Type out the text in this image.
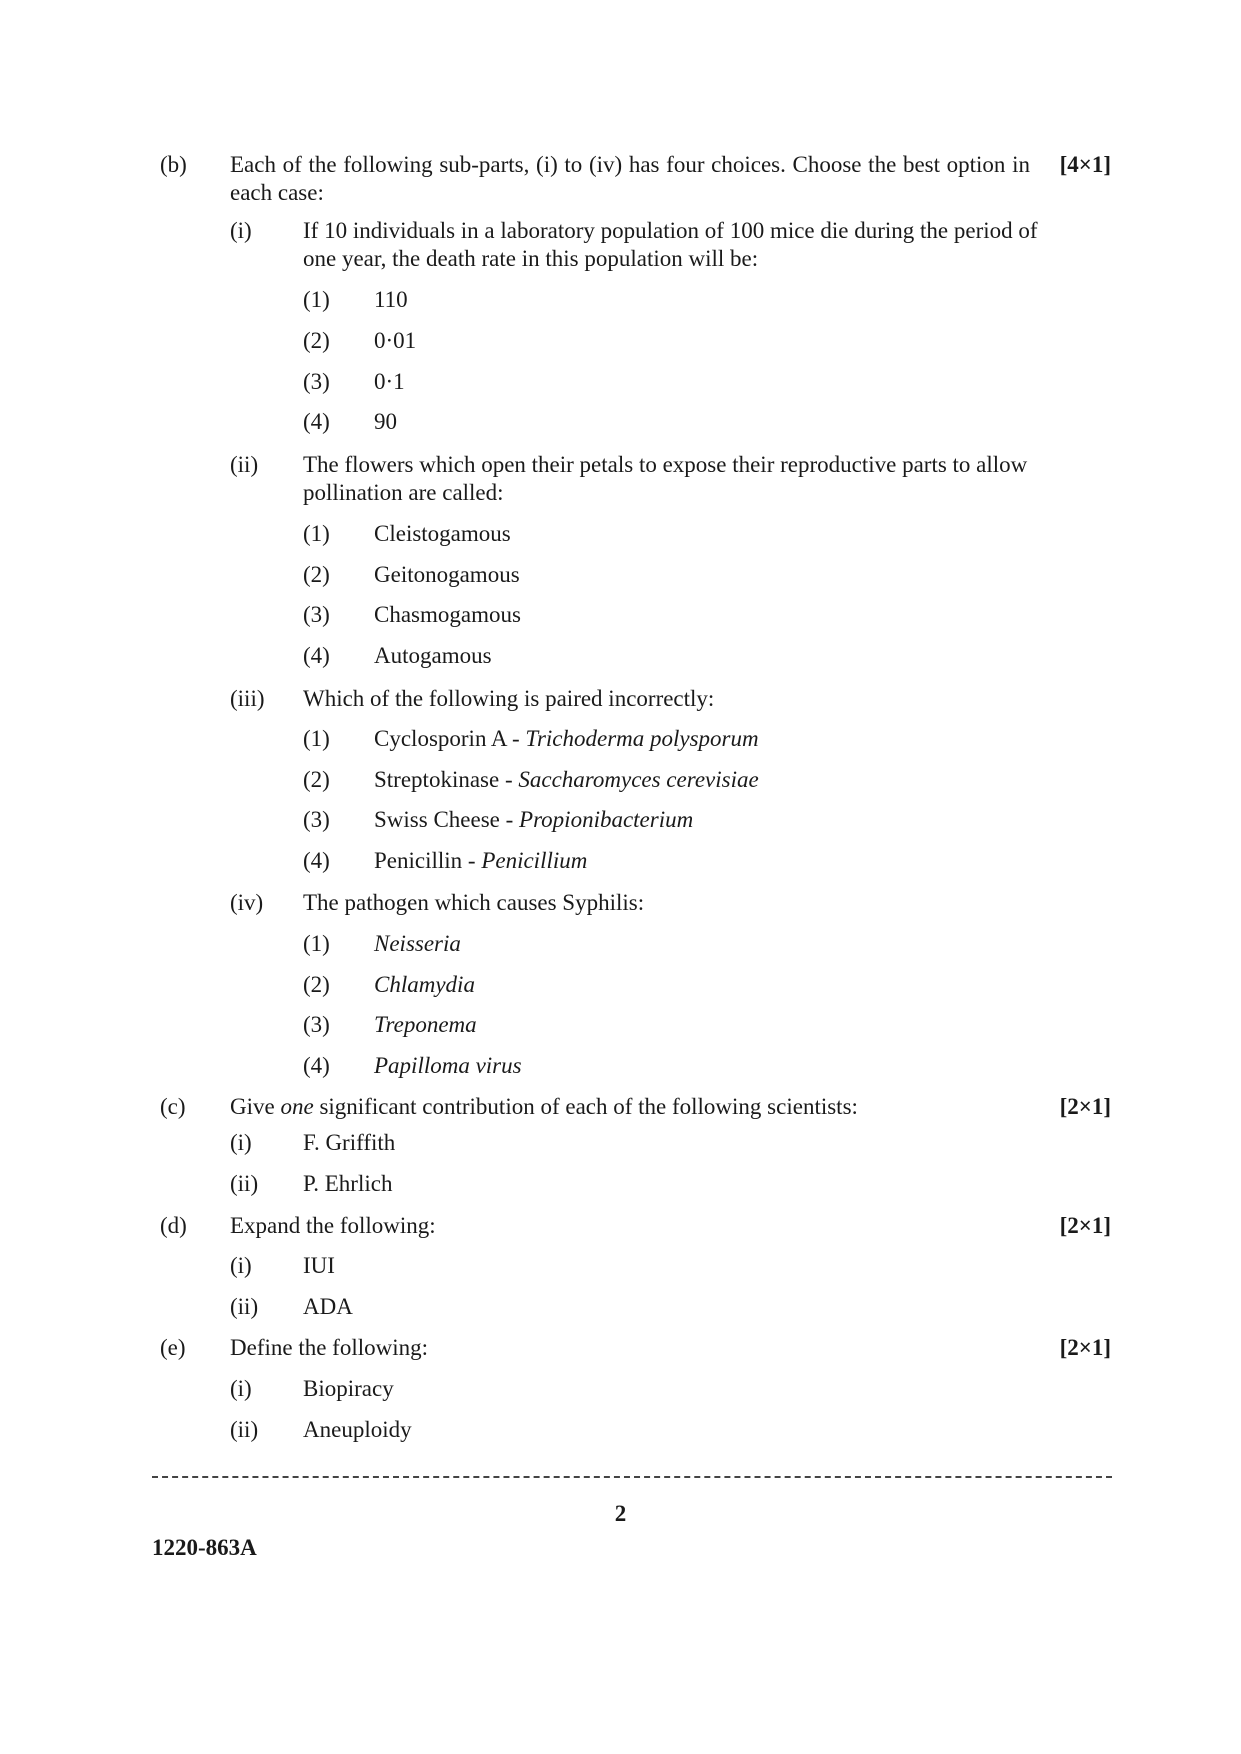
(b) Each of the following sub-parts, (i) to (iv) has four choices. Choose the best option in each case:
[4×1]
(i) If 10 individuals in a laboratory population of 100 mice die during the period of one year, the death rate in this population will be:
(1) 110
(2) 0·01
(3) 0·1
(4) 90
(ii) The flowers which open their petals to expose their reproductive parts to allow pollination are called:
(1) Cleistogamous
(2) Geitonogamous
(3) Chasmogamous
(4) Autogamous
(iii) Which of the following is paired incorrectly:
(1) Cyclosporin A - Trichoderma polysporum
(2) Streptokinase - Saccharomyces cerevisiae
(3) Swiss Cheese - Propionibacterium
(4) Penicillin - Penicillium
(iv) The pathogen which causes Syphilis:
(1) Neisseria
(2) Chlamydia
(3) Treponema
(4) Papilloma virus
(c) Give one significant contribution of each of the following scientists:	[2×1]
(i) F. Griffith
(ii) P. Ehrlich
(d) Expand the following:	[2×1]
(i) IUI
(ii) ADA
(e) Define the following:	[2×1]
(i) Biopiracy
(ii) Aneuploidy
2
1220-863A
